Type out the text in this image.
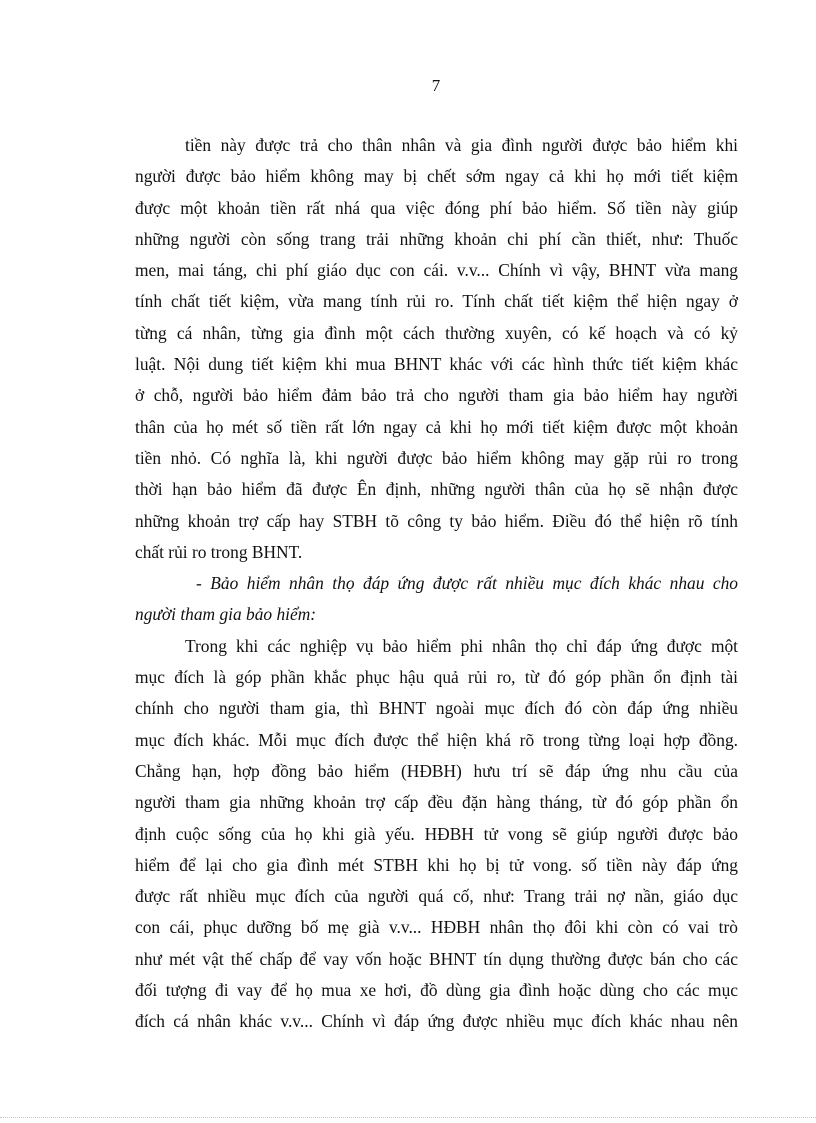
7
tiền này được trả cho thân nhân và gia đình người được bảo hiểm khi
người được bảo hiểm không may bị chết sớm ngay cả khi họ mới tiết kiệm
được một khoản tiền rất nhá qua việc đóng phí bảo hiểm. Số tiền này giúp
những người còn sống trang trải những khoản chi phí cần thiết, như: Thuốc
men, mai táng, chi phí giáo dục con cái. v.v... Chính vì vậy, BHNT vừa mang
tính chất tiết kiệm, vừa mang tính rủi ro. Tính chất tiết kiệm thể hiện ngay ở
từng cá nhân, từng gia đình một cách thường xuyên, có kế hoạch và có kỷ
luật. Nội dung tiết kiệm khi mua BHNT khác với các hình thức tiết kiệm khác
ở chỗ, người bảo hiểm đảm bảo trả cho người tham gia bảo hiểm hay người
thân của họ mét số tiền rất lớn ngay cả khi họ mới tiết kiệm được một khoản
tiền nhỏ. Có nghĩa là, khi người được bảo hiểm không may gặp rủi ro trong
thời hạn bảo hiểm đã được Ên định, những người thân của họ sẽ nhận được
những khoản trợ cấp hay STBH tõ công ty bảo hiểm. Điều đó thể hiện rõ tính
chất rủi ro trong BHNT.
- Bảo hiểm nhân thọ đáp ứng được rất nhiều mục đích khác nhau cho
người tham gia bảo hiểm:
Trong khi các nghiệp vụ bảo hiểm phi nhân thọ chỉ đáp ứng được một
mục đích là góp phần khắc phục hậu quả rủi ro, từ đó góp phần ổn định tài
chính cho người tham gia, thì BHNT ngoài mục đích đó còn đáp ứng nhiều
mục đích khác. Mỗi mục đích được thể hiện khá rõ trong từng loại hợp đồng.
Chẳng hạn, hợp đồng bảo hiểm (HĐBH) hưu trí sẽ đáp ứng nhu cầu của
người tham gia những khoản trợ cấp đều đặn hàng tháng, từ đó góp phần ổn
định cuộc sống của họ khi già yếu. HĐBH tử vong sẽ giúp người được bảo
hiểm để lại cho gia đình mét STBH khi họ bị tử vong. số tiền này đáp ứng
được rất nhiều mục đích của người quá cố, như: Trang trải nợ nần, giáo dục
con cái, phục dưỡng bố mẹ già v.v... HĐBH nhân thọ đôi khi còn có vai trò
như mét vật thế chấp để vay vốn hoặc BHNT tín dụng thường được bán cho các
đối tượng đi vay để họ mua xe hơi, đồ dùng gia đình hoặc dùng cho các mục
đích cá nhân khác v.v... Chính vì đáp ứng được nhiều mục đích khác nhau nên
